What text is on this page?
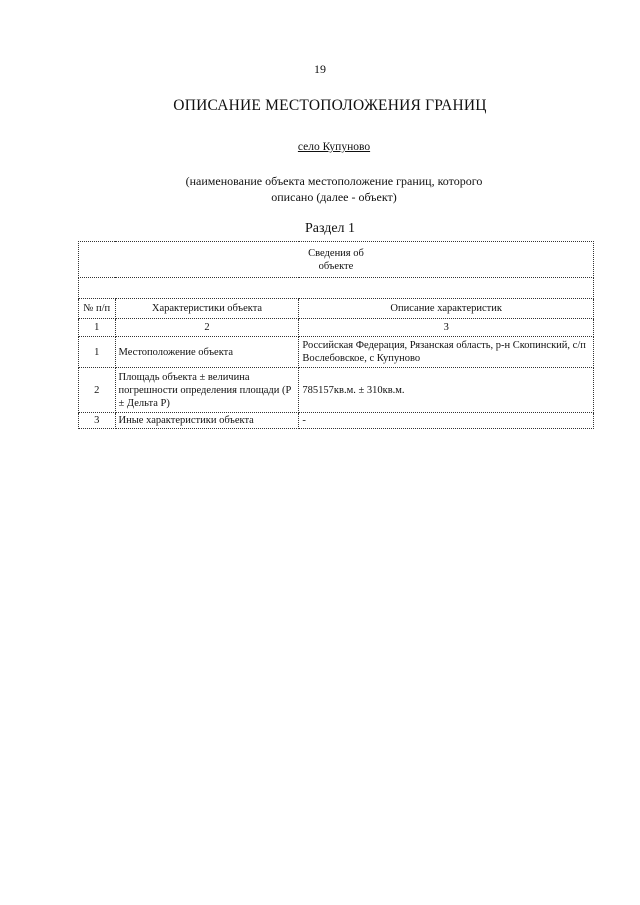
19
ОПИСАНИЕ МЕСТОПОЛОЖЕНИЯ ГРАНИЦ
село Купуново
(наименование объекта местоположение границ, которого
описано (далее - объект)
Раздел 1
Сведения об объекте		

№ п/п	Характеристики объекта	Описание характеристик
1	2	3
1	Местоположение объекта	Российская Федерация, Рязанская область, р-н Скопинский, с/п Вослебовское, с Купуново
2	Площадь объекта ± величина погрешности определения площади (P ± Дельта P)	785157кв.м. ± 310кв.м.
3	Иные характеристики объекта	-
